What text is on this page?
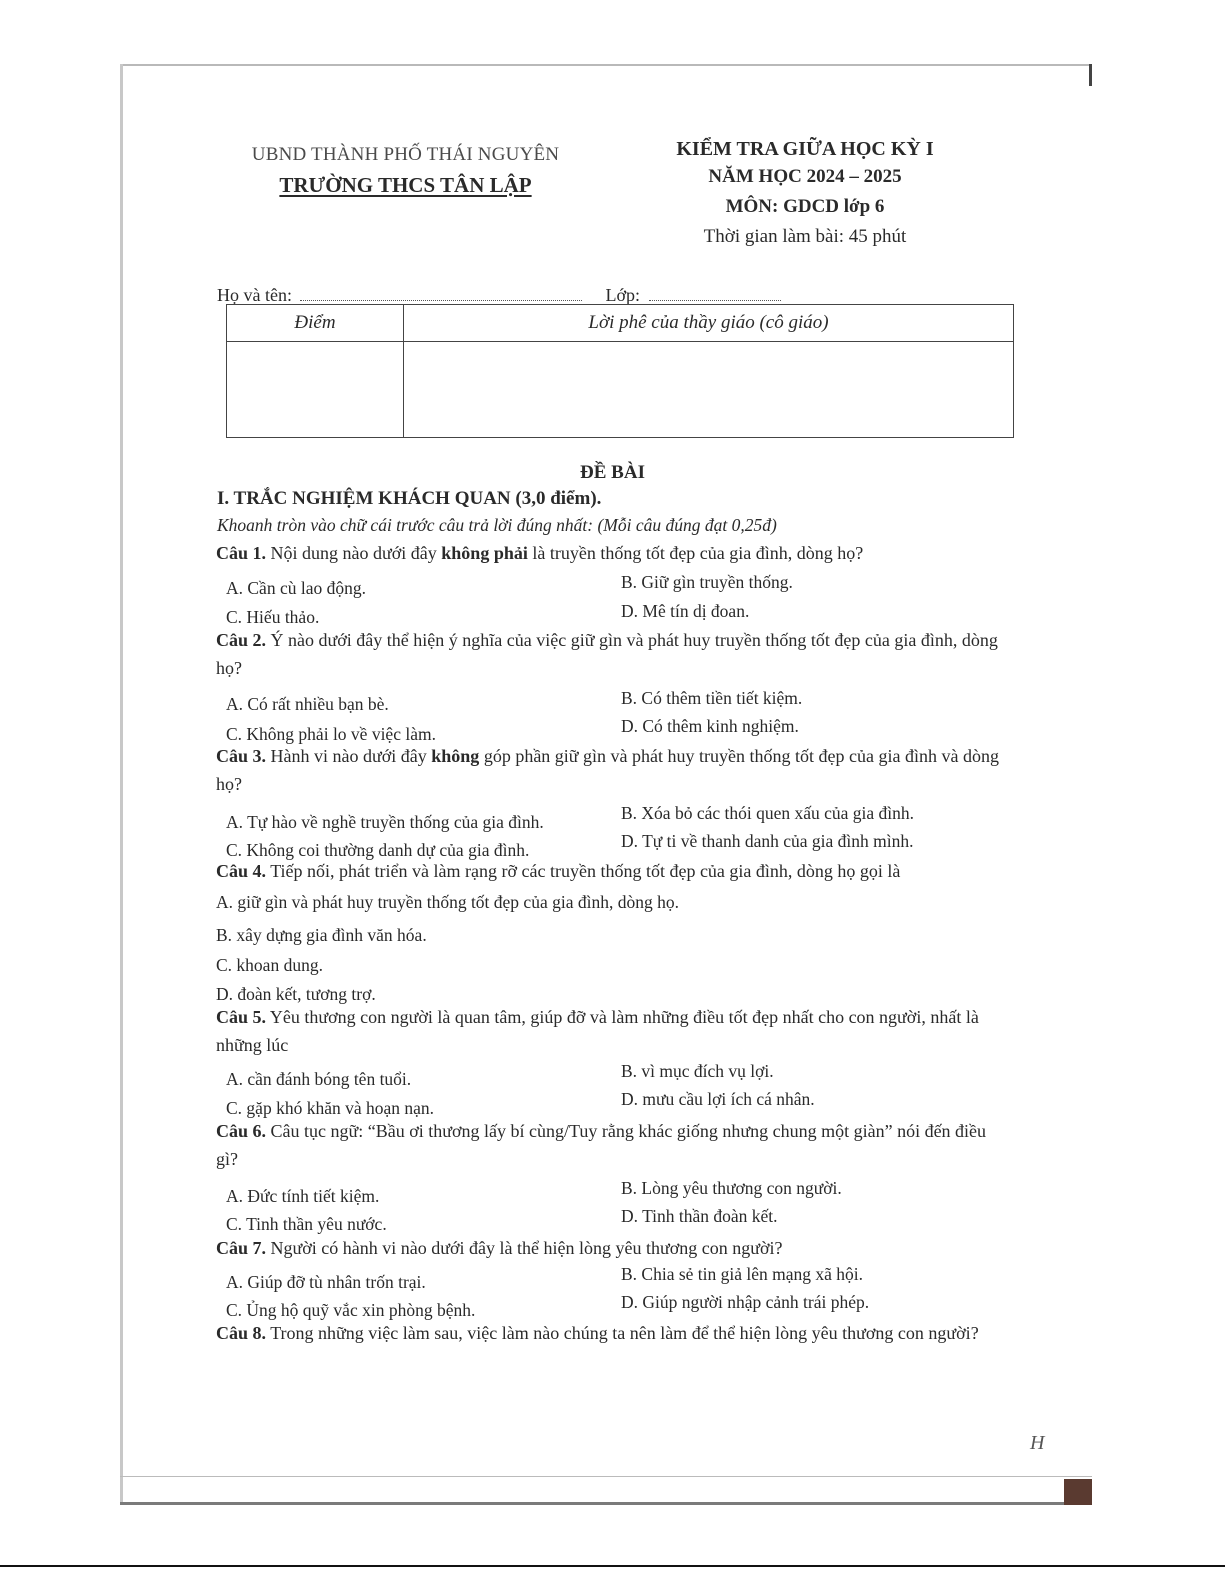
UBND THÀNH PHỐ THÁI NGUYÊN
TRƯỜNG THCS TÂN LẬP
KIỂM TRA GIỮA HỌC KỲ I
NĂM HỌC 2024 – 2025
MÔN: GDCD lớp 6
Thời gian làm bài: 45 phút
Họ và tên:	Lớp:
Điểm	Lời phê của thầy giáo (cô giáo)

ĐỀ BÀI
I. TRẮC NGHIỆM KHÁCH QUAN (3,0 điểm).
Khoanh tròn vào chữ cái trước câu trả lời đúng nhất: (Mỗi câu đúng đạt 0,25đ)
Câu 1. Nội dung nào dưới đây không phải là truyền thống tốt đẹp của gia đình, dòng họ?
A. Cần cù lao động.	B. Giữ gìn truyền thống.
C. Hiếu thảo.	D. Mê tín dị đoan.
Câu 2. Ý nào dưới đây thể hiện ý nghĩa của việc giữ gìn và phát huy truyền thống tốt đẹp của gia đình, dòng họ?
A. Có rất nhiều bạn bè.	B. Có thêm tiền tiết kiệm.
C. Không phải lo về việc làm.	D. Có thêm kinh nghiệm.
Câu 3. Hành vi nào dưới đây không góp phần giữ gìn và phát huy truyền thống tốt đẹp của gia đình và dòng họ?
A. Tự hào về nghề truyền thống của gia đình.	B. Xóa bỏ các thói quen xấu của gia đình.
C. Không coi thường danh dự của gia đình.	D. Tự ti về thanh danh của gia đình mình.
Câu 4. Tiếp nối, phát triển và làm rạng rỡ các truyền thống tốt đẹp của gia đình, dòng họ gọi là
A. giữ gìn và phát huy truyền thống tốt đẹp của gia đình, dòng họ.
B. xây dựng gia đình văn hóa.
C. khoan dung.
D. đoàn kết, tương trợ.
Câu 5. Yêu thương con người là quan tâm, giúp đỡ và làm những điều tốt đẹp nhất cho con người, nhất là những lúc
A. cần đánh bóng tên tuổi.	B. vì mục đích vụ lợi.
C. gặp khó khăn và hoạn nạn.	D. mưu cầu lợi ích cá nhân.
Câu 6. Câu tục ngữ: “Bầu ơi thương lấy bí cùng/Tuy rằng khác giống nhưng chung một giàn” nói đến điều gì?
A. Đức tính tiết kiệm.	B. Lòng yêu thương con người.
C. Tinh thần yêu nước.	D. Tinh thần đoàn kết.
Câu 7. Người có hành vi nào dưới đây là thể hiện lòng yêu thương con người?
A. Giúp đỡ tù nhân trốn trại.	B. Chia sẻ tin giả lên mạng xã hội.
C. Ủng hộ quỹ vắc xin phòng bệnh.	D. Giúp người nhập cảnh trái phép.
Câu 8. Trong những việc làm sau, việc làm nào chúng ta nên làm để thể hiện lòng yêu thương con người?
H
